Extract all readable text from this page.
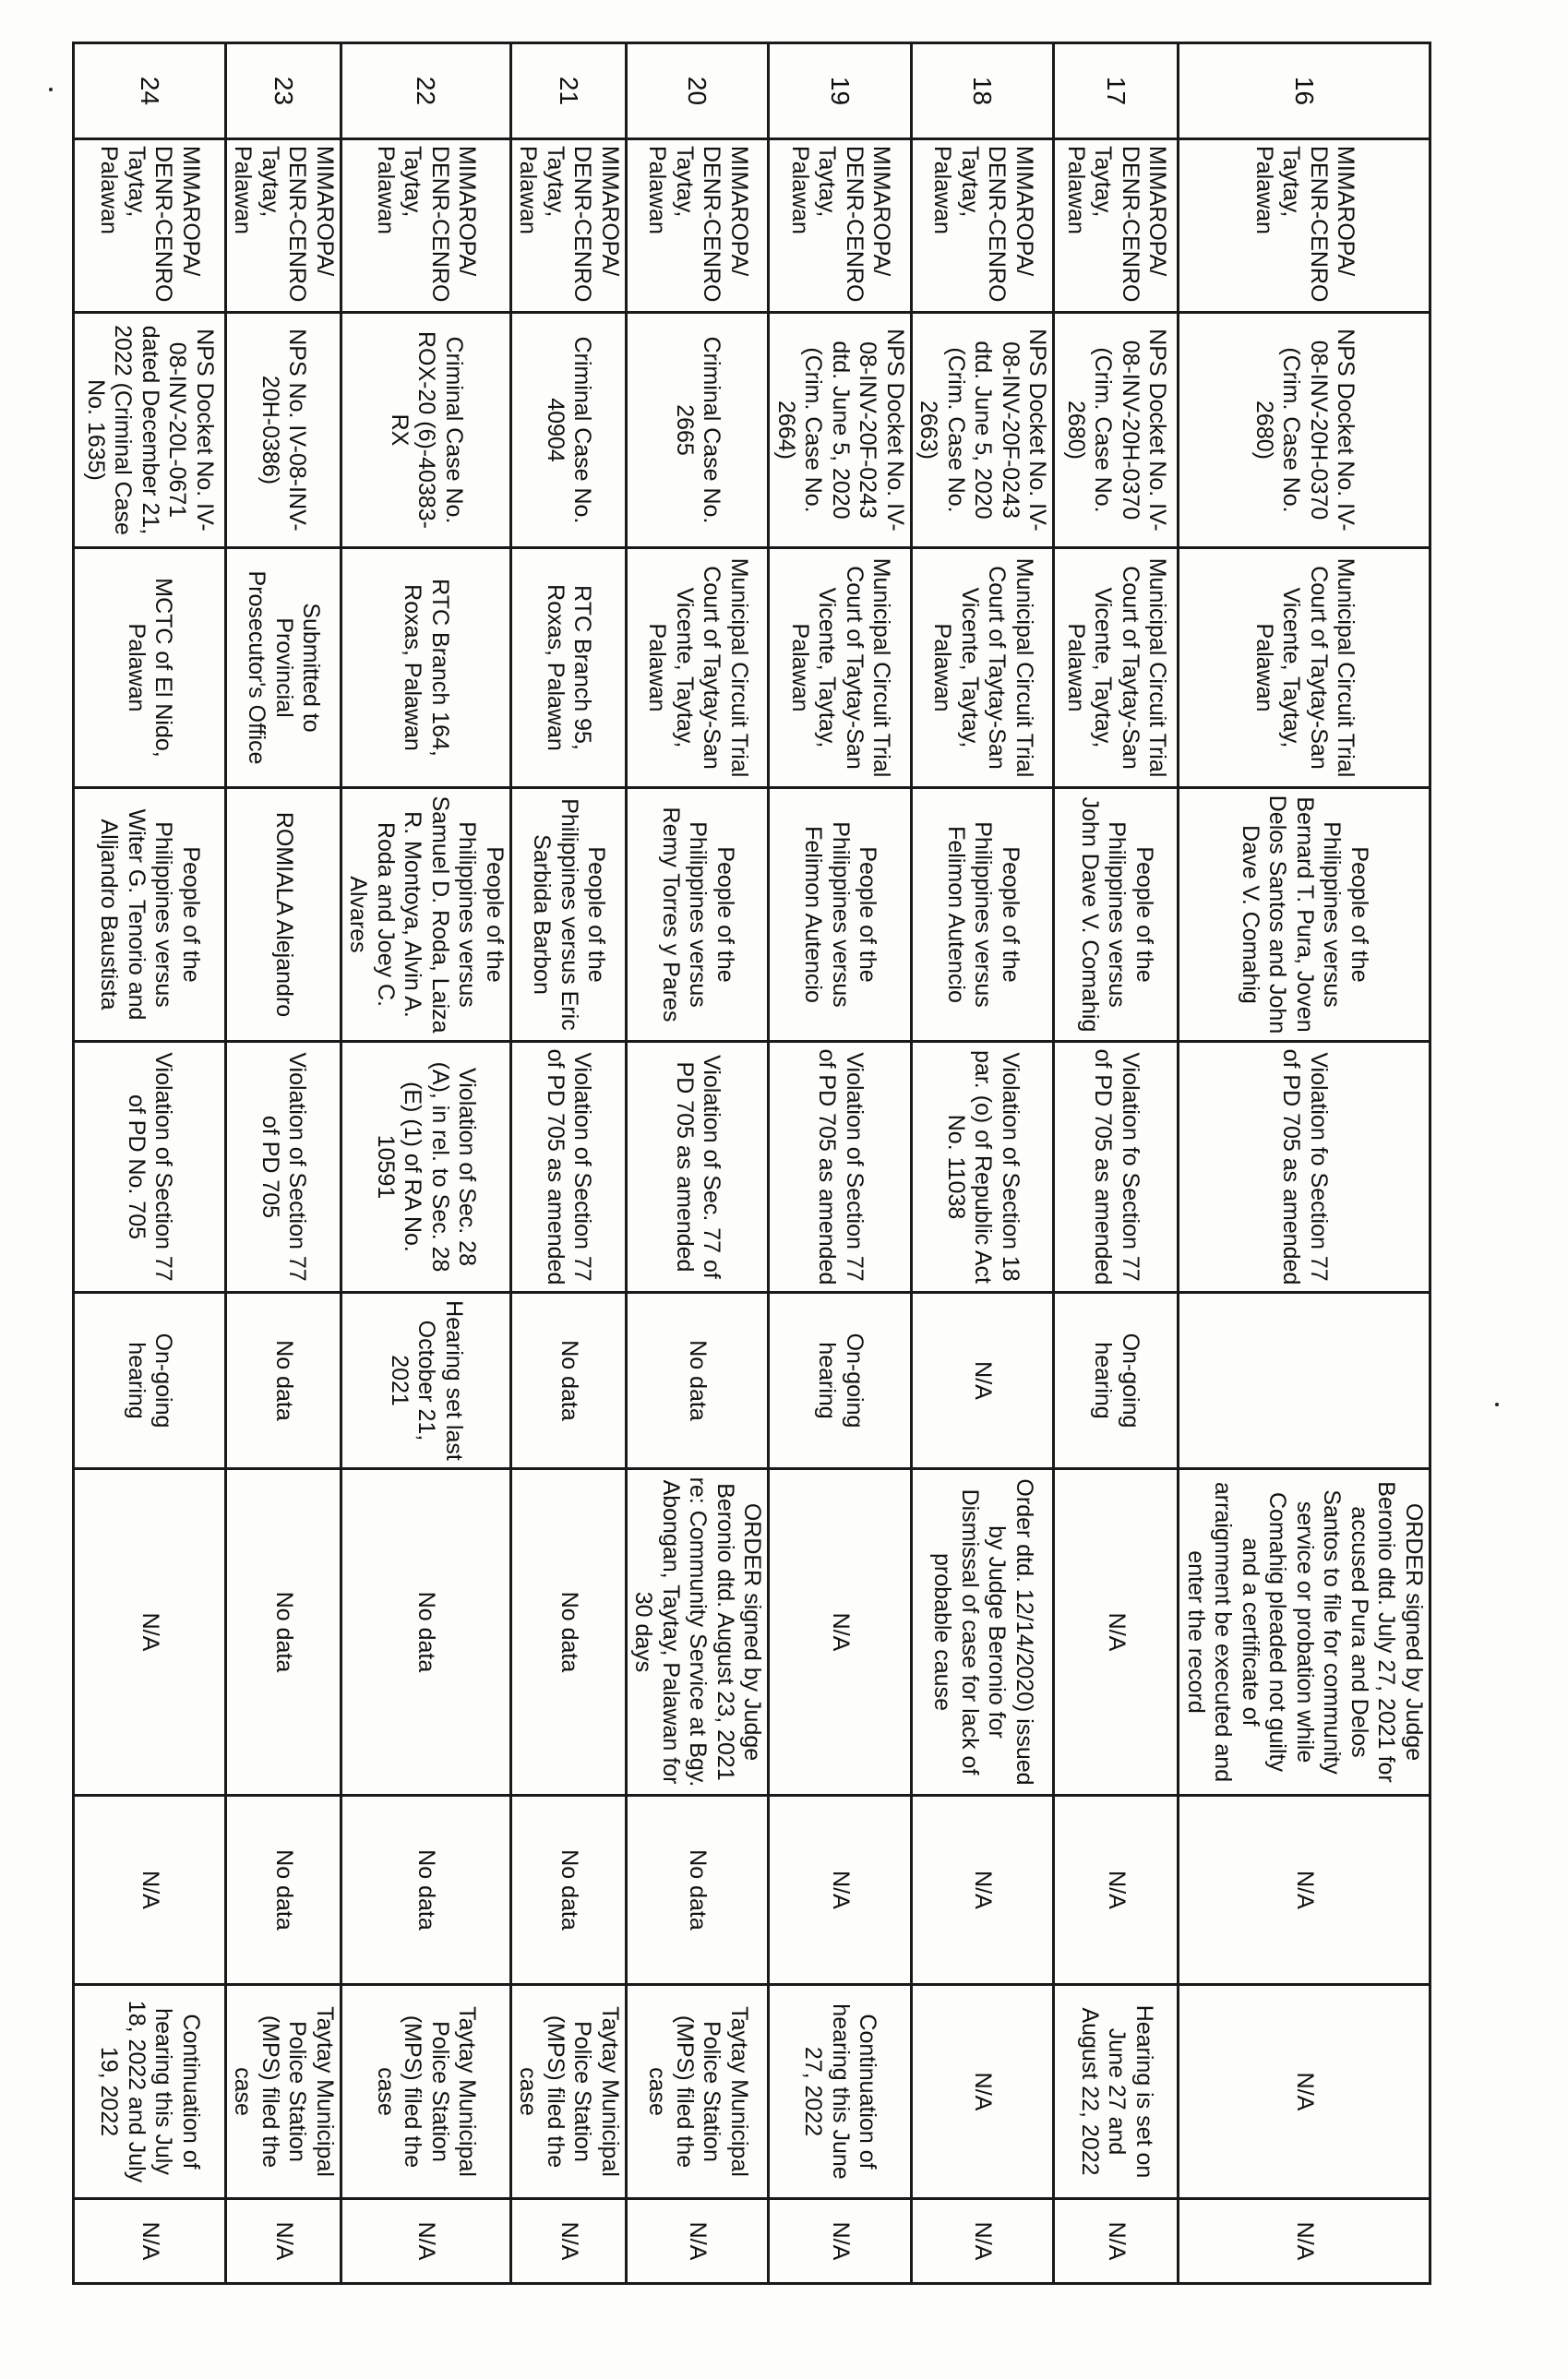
16	MIMAROPA/ DENR-CENRO Taytay, Palawan	NPS Docket No. IV-08-INV-20H-0370 (Crim. Case No. 2680)	Municipal Circuit Trial Court of Taytay-San Vicente, Taytay, Palawan	People of the Philippines versus Bernard T. Pura, Joven Delos Santos and John Dave V. Comahig	Violation fo Section 77 of PD 705 as amended		ORDER signed by Judge Beronio dtd. July 27, 2021 for accused Pura and Delos Santos to file for community service or probation while Comahig pleaded not guilty and a certificate of arraignment be executed and enter the record	N/A	N/A	N/A
17	MIMAROPA/ DENR-CENRO Taytay, Palawan	NPS Docket No. IV-08-INV-20H-0370 (Crim. Case No. 2680)	Municipal Circuit Trial Court of Taytay-San Vicente, Taytay, Palawan	People of the Philippines versus John Dave V. Comahig	Violation fo Section 77 of PD 705 as amended	On-going hearing	N/A	N/A	Hearing is set on June 27 and August 22, 2022	N/A
18	MIMAROPA/ DENR-CENRO Taytay, Palawan	NPS Docket No. IV-08-INV-20F-0243 dtd. June 5, 2020 (Crim. Case No. 2663)	Municipal Circuit Trial Court of Taytay-San Vicente, Taytay, Palawan	People of the Philippines versus Felimon Autencio	Violation of Section 18 par. (o) of Republic Act No. 11038	N/A	Order dtd. 12/14/2020) issued by Judge Beronio for Dismissal of case for lack of probable cause	N/A	N/A	N/A
19	MIMAROPA/ DENR-CENRO Taytay, Palawan	NPS Docket No. IV-08-INV-20F-0243 dtd. June 5, 2020 (Crim. Case No. 2664)	Municipal Circuit Trial Court of Taytay-San Vicente, Taytay, Palawan	People of the Philippines versus Felimon Autencio	Violation of Section 77 of PD 705 as amended	On-going hearing	N/A	N/A	Continuation of hearing this June 27, 2022	N/A
20	MIMAROPA/ DENR-CENRO Taytay, Palawan	Criminal Case No. 2665	Municipal Circuit Trial Court of Taytay-San Vicente, Taytay, Palawan	People of the Philippines versus Remy Torres y Pares	Violation of Sec. 77 of PD 705 as amended	No data	ORDER signed by Judge Beronio dtd. August 23, 2021 re: Community Service at Bgy. Abongan, Taytay, Palawan for 30 days	No data	Taytay Municipal Police Station (MPS) filed the case	N/A
21	MIMAROPA/ DENR-CENRO Taytay, Palawan	Criminal Case No. 40904	RTC Branch 95, Roxas, Palawan	People of the Philippines versus Eric Sarbida Barbon	Violation of Section 77 of PD 705 as amended	No data	No data	No data	Taytay Municipal Police Station (MPS) filed the case	N/A
22	MIMAROPA/ DENR-CENRO Taytay, Palawan	Criminal Case No. ROX-20 (6)-40383-RX	RTC Branch 164, Roxas, Palawan	People of the Philippines versus Samuel D. Roda, Laiza R. Montoya, Alvin A. Roda and Joey C. Alvares	Violation of Sec. 28 (A), in rel. to Sec. 28 (E) (1) of RA No. 10591	Hearing set last October 21, 2021	No data	No data	Taytay Municipal Police Station (MPS) filed the case	N/A
23	MIMAROPA/ DENR-CENRO Taytay, Palawan	NPS No. IV-08-INV-20H-0386)	Submitted to Provincial Prosecutor's Office	ROMIALA Alejandro	Violation of Section 77 of PD 705	No data	No data	No data	Taytay Municipal Police Station (MPS) filed the case	N/A
24	MIMAROPA/ DENR-CENRO Taytay, Palawan	NPS Docket No. IV-08-INV-20L-0671 dated December 21, 2022 (Criminal Case No. 1635)	MCTC of El Nido, Palawan	People of the Philippines versus Witer G. Tenorio and Alljandro Baustista	Violation of Section 77 of PD No. 705	On-going hearing	N/A	N/A	Continuation of hearing this July 18, 2022 and July 19, 2022	N/A
